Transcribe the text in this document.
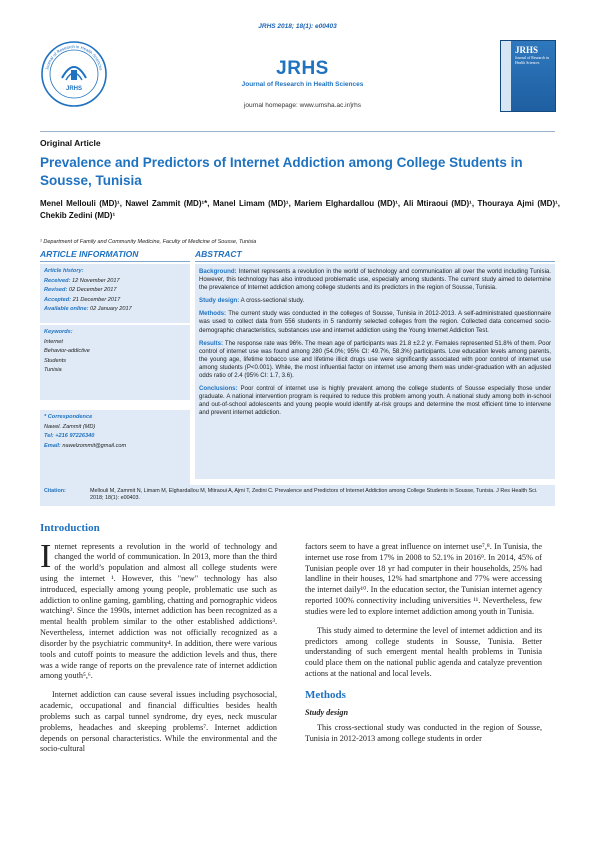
JRHS 2018; 18(1): e00403
JRHS
Journal of Research in Health Sciences	JRHS
Journal of Research in Health Sciences
journal homepage: www.umsha.ac.ir/jrhs
JRHS
Journal of Research in Health Sciences
Original Article
Prevalence and Predictors of Internet Addiction among College Students in Sousse, Tunisia
Menel Mellouli (MD)¹, Nawel Zammit (MD)¹*, Manel Limam (MD)¹, Mariem Elghardallou (MD)¹, Ali Mtiraoui (MD)¹, Thouraya Ajmi (MD)¹, Chekib Zedini (MD)¹
¹ Department of Family and Community Medicine, Faculty of Medicine of Sousse, Tunisia
ARTICLE INFORMATION
Article history:
Received: 12 November 2017
Revised: 02 December 2017
Accepted: 21 December 2017
Available online: 02 January 2017
Keywords:
Internet
Behavior-addictive
Students
Tunisia
* Correspondence
Nawel. Zammit (MD)
Tel: +216 97226340
Email: nawelzommit@gmail.com
ABSTRACT

Background: Internet represents a revolution in the world of technology and communication all over the world including Tunisia. However, this technology has also introduced problematic use, especially among students. The current study aimed to determine the prevalence of Internet addiction among college students and its predictors in the region of Sousse, Tunisia.

Study design: A cross-sectional study.

Methods: The current study was conducted in the colleges of Sousse, Tunisia in 2012-2013. A self-administrated questionnaire was used to collect data from 556 students in 5 randomly selected colleges from the region. Collected data concerned socio-demographic characteristics, substances use and internet addiction using the Young Internet Addiction Test.

Results: The response rate was 96%. The mean age of participants was 21.8 ±2.2 yr. Females represented 51.8% of them. Poor control of internet use was found among 280 (54.0%; 95% CI: 49.7%, 58.3%) participants. Low education levels among parents, the young age, lifetime tobacco use and lifetime illicit drugs use were significantly associated with poor control of internet use among students (P<0.001). While, the most influential factor on internet use among them was under-graduation with an adjusted odds ratio of 2.4 (95% CI: 1.7, 3.6).

Conclusions: Poor control of internet use is highly prevalent among the college students of Sousse especially those under graduate. A national intervention program is required to reduce this problem among youth. A national study among both in-school and out-of-school adolescents and young people would identify at-risk groups and determine the most efficient time to intervene and prevent internet addiction.

Citation:	Mellouli M, Zammit N, Limam M, Elghardallou M, Mtiraoui A, Ajmi T, Zedini C. Prevalence and Predictors of Internet Addiction among College Students in Sousse, Tunisia. J Res Health Sci. 2018; 18(1): e00403.
Introduction

Internet represents a revolution in the world of technology and changed the world of communication. In 2013, more than the third of the world’s population and almost all college students were using the internet ¹. However, this "new" technology has also introduced, especially among young people, problematic use such as addiction to online gaming, gambling, chatting and pornographic videos watching². Since the 1990s, internet addiction has been recognized as a mental health problem similar to the other established addictions³. Nevertheless, internet addiction was not officially recognized as a disorder by the psychiatric community⁴. In addition, there were various tools and cutoff points to measure the addiction levels and thus, there was a wide range of reports on the prevalence rate of internet addiction among youth⁵,⁶.

Internet addiction can cause several issues including psychosocial, academic, occupational and financial difficulties besides health problems such as carpal tunnel syndrome, dry eyes, neck muscular problems, headaches and skeeping problems⁷. Internet addiction depends on personal characteristics. While the environmental and the socio-cultural

factors seem to have a great influence on internet use⁷,⁸. In Tunisia, the internet use rose from 17% in 2008 to 52.1% in 2016⁹. In 2014, 45% of Tunisian people over 18 yr had computer in their households, 25% had landline in their houses, 12% had smartphone and 77% were accessing the internet daily¹⁰. In the education sector, the Tunisian internet agency reported 100% connectivity including universities ¹¹. Nevertheless, few studies were led to explore internet addiction among youth in Tunisia.

This study aimed to determine the level of internet addiction and its predictors among college students in Sousse, Tunisia. Better understanding of such emergent mental health problems in Tunisia could place them on the national public agenda and catalyze prevention actions at the national and local levels.

Methods
Study design

This cross-sectional study was conducted in the region of Sousse, Tunisia in 2012-2013 among college students in order
